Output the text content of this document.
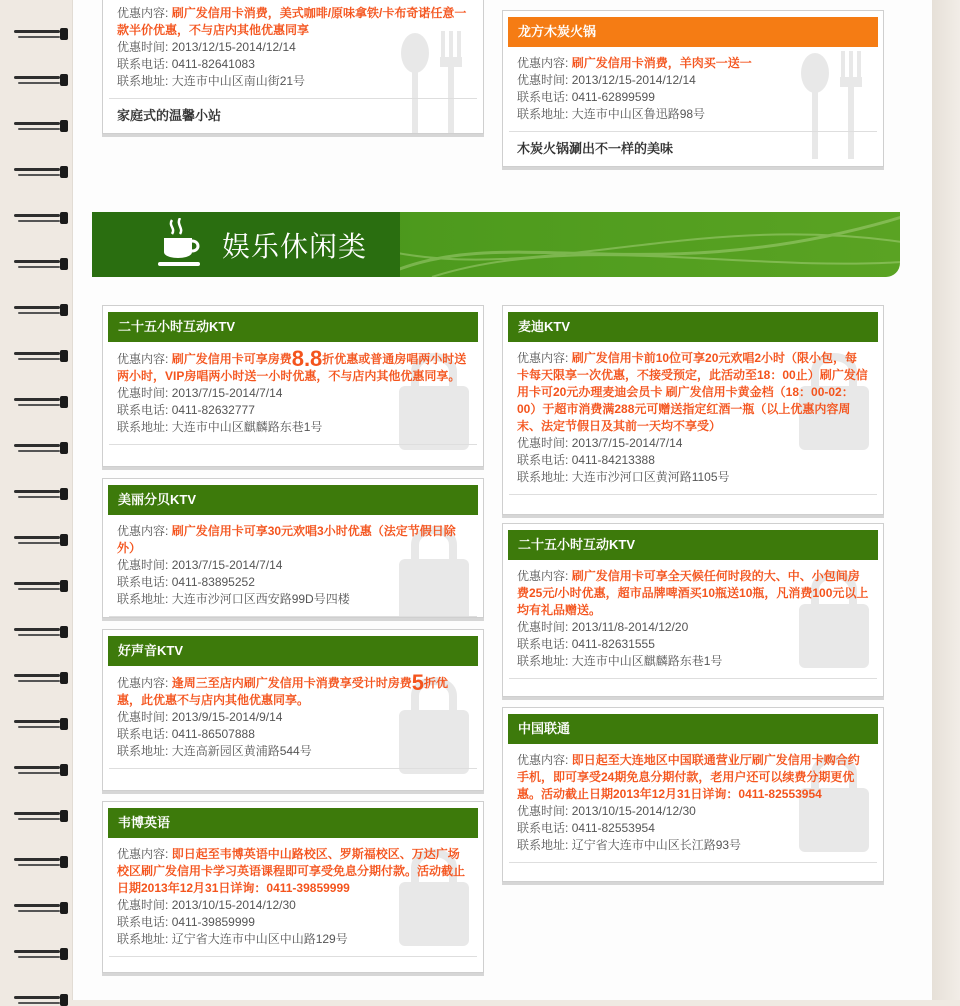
优惠内容: 刷广发信用卡消费，美式咖啡/原味拿铁/卡布奇诺任意一款半价优惠，不与店内其他优惠同享
优惠时间: 2013/12/15-2014/12/14
联系电话: 0411-82641083
联系地址: 大连市中山区南山街21号
家庭式的温馨小站
龙方木炭火锅
优惠内容: 刷广发信用卡消费，羊肉买一送一
优惠时间: 2013/12/15-2014/12/14
联系电话: 0411-62899599
联系地址: 大连市中山区鲁迅路98号
木炭火锅涮出不一样的美味
娱乐休闲类
二十五小时互动KTV
优惠内容: 刷广发信用卡可享房费8.8折优惠或普通房唱两小时送两小时，VIP房唱两小时送一小时优惠，不与店内其他优惠同享。
优惠时间: 2013/7/15-2014/7/14
联系电话: 0411-82632777
联系地址: 大连市中山区麒麟路东巷1号
美丽分贝KTV
优惠内容: 刷广发信用卡可享30元欢唱3小时优惠（法定节假日除外）
优惠时间: 2013/7/15-2014/7/14
联系电话: 0411-83895252
联系地址: 大连市沙河口区西安路99D号四楼
好声音KTV
优惠内容: 逢周三至店内刷广发信用卡消费享受计时房费5折优惠，此优惠不与店内其他优惠同享。
优惠时间: 2013/9/15-2014/9/14
联系电话: 0411-86507888
联系地址: 大连高新园区黄浦路544号
韦博英语
优惠内容: 即日起至韦博英语中山路校区、罗斯福校区、万达广场校区刷广发信用卡学习英语课程即可享受免息分期付款。活动截止日期2013年12月31日详询：0411-39859999
优惠时间: 2013/10/15-2014/12/30
联系电话: 0411-39859999
联系地址: 辽宁省大连市中山区中山路129号
麦迪KTV
优惠内容: 刷广发信用卡前10位可享20元欢唱2小时（限小包，每卡每天限享一次优惠，不接受预定，此活动至18：00止）刷广发信用卡可20元办理麦迪会员卡 刷广发信用卡黄金档（18：00-02：00）于超市消费满288元可赠送指定红酒一瓶（以上优惠内容周末、法定节假日及其前一天均不享受）
优惠时间: 2013/7/15-2014/7/14
联系电话: 0411-84213388
联系地址: 大连市沙河口区黄河路1105号
二十五小时互动KTV
优惠内容: 刷广发信用卡可享全天候任何时段的大、中、小包间房费25元/小时优惠，超市品牌啤酒买10瓶送10瓶，凡消费100元以上均有礼品赠送。
优惠时间: 2013/11/8-2014/12/20
联系电话: 0411-82631555
联系地址: 大连市中山区麒麟路东巷1号
中国联通
优惠内容: 即日起至大连地区中国联通营业厅刷广发信用卡购合约手机，即可享受24期免息分期付款，老用户还可以续费分期更优惠。活动截止日期2013年12月31日详询：0411-82553954
优惠时间: 2013/10/15-2014/12/30
联系电话: 0411-82553954
联系地址: 辽宁省大连市中山区长江路93号
